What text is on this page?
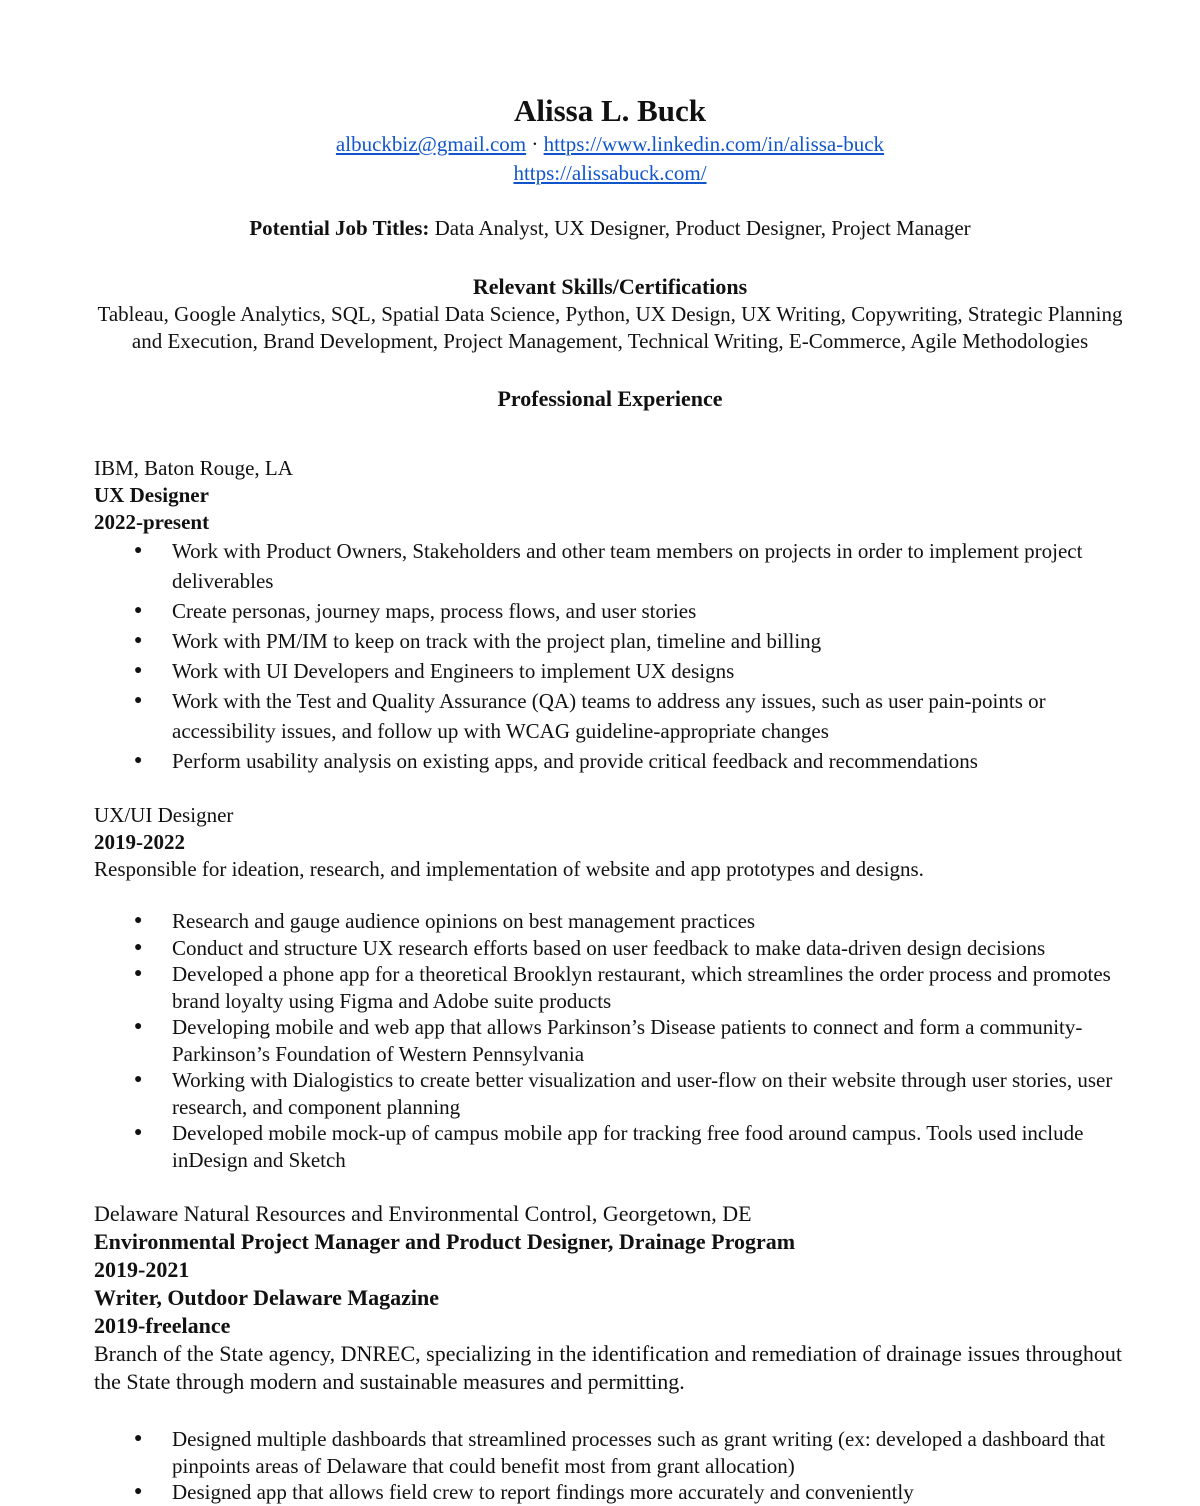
Alissa L. Buck
albuckbiz@gmail.com · https://www.linkedin.com/in/alissa-buck
https://alissabuck.com/
Potential Job Titles: Data Analyst, UX Designer, Product Designer, Project Manager
Relevant Skills/Certifications
Tableau, Google Analytics, SQL, Spatial Data Science, Python, UX Design, UX Writing, Copywriting, Strategic Planning and Execution, Brand Development, Project Management, Technical Writing, E-Commerce, Agile Methodologies
Professional Experience
IBM, Baton Rouge, LA
UX Designer
2022-present
● Work with Product Owners, Stakeholders and other team members on projects in order to implement project deliverables
● Create personas, journey maps, process flows, and user stories
● Work with PM/IM to keep on track with the project plan, timeline and billing
● Work with UI Developers and Engineers to implement UX designs
● Work with the Test and Quality Assurance (QA) teams to address any issues, such as user pain-points or accessibility issues, and follow up with WCAG guideline-appropriate changes
● Perform usability analysis on existing apps, and provide critical feedback and recommendations
UX/UI Designer
2019-2022
Responsible for ideation, research, and implementation of website and app prototypes and designs.
● Research and gauge audience opinions on best management practices
● Conduct and structure UX research efforts based on user feedback to make data-driven design decisions
● Developed a phone app for a theoretical Brooklyn restaurant, which streamlines the order process and promotes brand loyalty using Figma and Adobe suite products
● Developing mobile and web app that allows Parkinson’s Disease patients to connect and form a community- Parkinson’s Foundation of Western Pennsylvania
● Working with Dialogistics to create better visualization and user-flow on their website through user stories, user research, and component planning
● Developed mobile mock-up of campus mobile app for tracking free food around campus. Tools used include inDesign and Sketch
Delaware Natural Resources and Environmental Control, Georgetown, DE
Environmental Project Manager and Product Designer, Drainage Program
2019-2021
Writer, Outdoor Delaware Magazine
2019-freelance
Branch of the State agency, DNREC, specializing in the identification and remediation of drainage issues throughout the State through modern and sustainable measures and permitting.
● Designed multiple dashboards that streamlined processes such as grant writing (ex: developed a dashboard that pinpoints areas of Delaware that could benefit most from grant allocation)
● Designed app that allows field crew to report findings more accurately and conveniently
